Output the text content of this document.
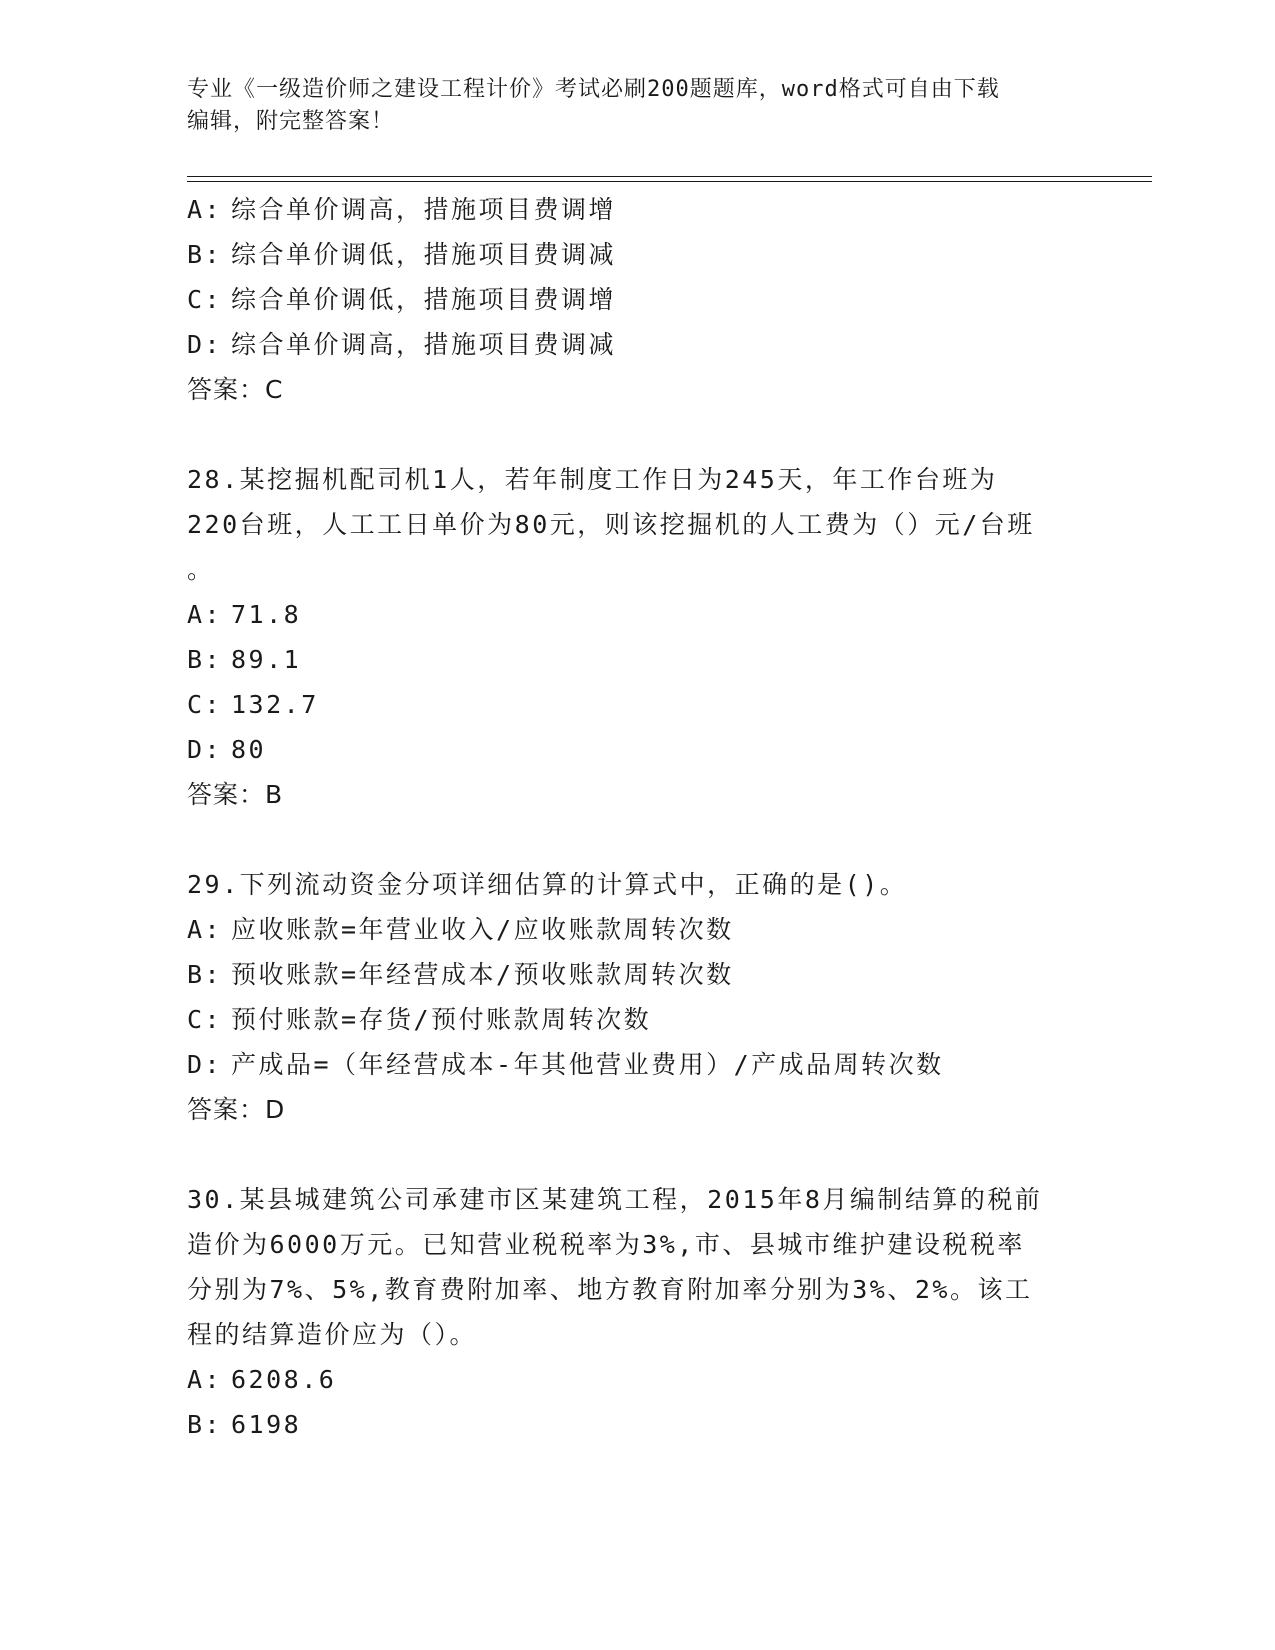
专业《一级造价师之建设工程计价》考试必刷200题题库，word格式可自由下载
编辑，附完整答案！
A: 综合单价调高，措施项目费调增
B: 综合单价调低，措施项目费调减
C: 综合单价调低，措施项目费调增
D: 综合单价调高，措施项目费调减
答案：C
28.某挖掘机配司机1人，若年制度工作日为245天，年工作台班为
220台班，人工工日单价为80元，则该挖掘机的人工费为（）元/台班
。
A: 71.8
B: 89.1
C: 132.7
D: 80
答案：B
29.下列流动资金分项详细估算的计算式中，正确的是()。
A: 应收账款=年营业收入/应收账款周转次数
B: 预收账款=年经营成本/预收账款周转次数
C: 预付账款=存货/预付账款周转次数
D: 产成品=（年经营成本-年其他营业费用）/产成品周转次数
答案：D
30.某县城建筑公司承建市区某建筑工程，2015年8月编制结算的税前
造价为6000万元。已知营业税税率为3%,市、县城市维护建设税税率
分别为7%、5%,教育费附加率、地方教育附加率分别为3%、2%。该工
程的结算造价应为（）。
A: 6208.6
B: 6198
